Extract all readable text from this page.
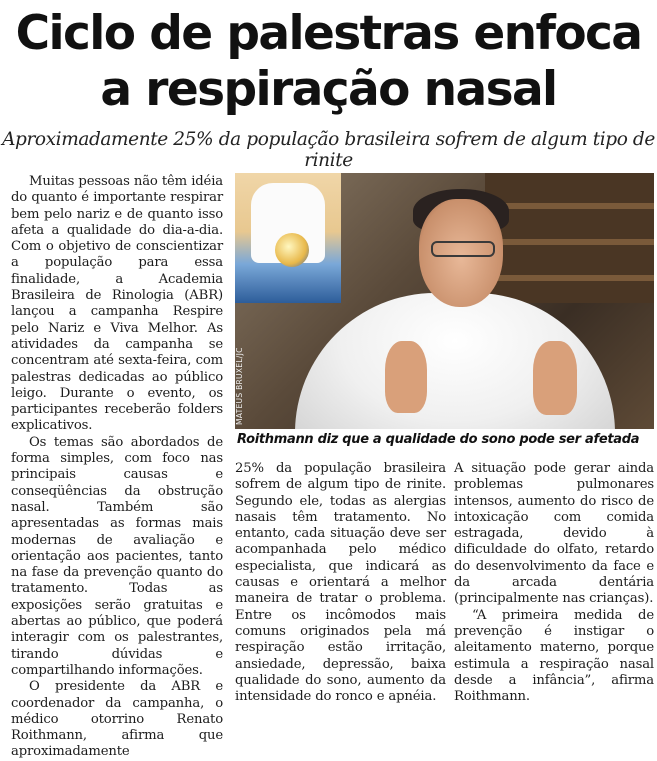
Ciclo de palestras enfoca
a respiração nasal
Aproximadamente 25% da população brasileira sofrem de algum tipo de rinite

Muitas pessoas não têm idéia do quanto é importante respirar bem pelo nariz e de quanto isso afeta a qualidade do dia-a-dia. Com o objetivo de conscientizar a população para essa finalidade, a Academia Brasileira de Rinologia (ABR) lançou a campanha Respire pelo Nariz e Viva Melhor. As atividades da campanha se concentram até sexta-feira, com palestras dedicadas ao público leigo. Durante o evento, os participantes receberão folders explicativos.

Os temas são abordados de forma simples, com foco nas principais causas e conseqüências da obstrução nasal. Também são apresentadas as formas mais modernas de avaliação e orientação aos pacientes, tanto na fase da prevenção quanto do tratamento. Todas as exposições serão gratuitas e abertas ao público, que poderá interagir com os palestrantes, tirando dúvidas e compartilhando informações.

O presidente da ABR e coordenador da campanha, o médico otorrino Renato Roithmann, afirma que aproximadamente

MATEUS BRUXEL/JC
Roithmann diz que a qualidade do sono pode ser afetada

25% da população brasileira sofrem de algum tipo de rinite. Segundo ele, todas as alergias nasais têm tratamento. No entanto, cada situação deve ser acompanhada pelo médico especialista, que indicará as causas e orientará a melhor maneira de tratar o problema. Entre os incômodos mais comuns originados pela má respiração estão irritação, ansiedade, depressão, baixa qualidade do sono, aumento da intensidade do ronco e apnéia.

A situação pode gerar ainda problemas pulmonares intensos, aumento do risco de intoxicação com comida estragada, devido à dificuldade do olfato, retardo do desenvolvimento da face e da arcada dentária (principalmente nas crianças).

“A primeira medida de prevenção é instigar o aleitamento materno, porque estimula a respiração nasal desde a infância”, afirma Roithmann.
